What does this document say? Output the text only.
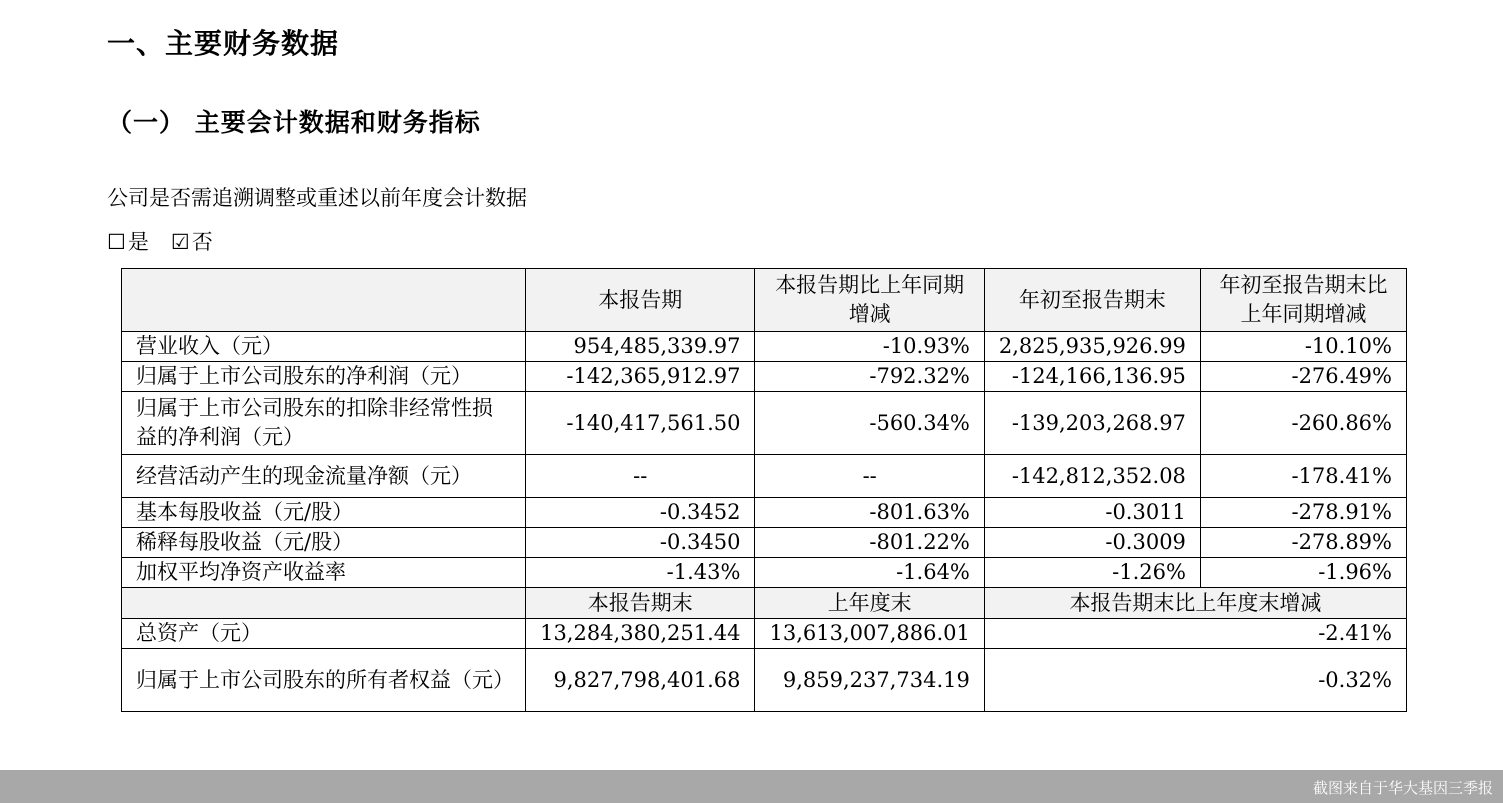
一、主要财务数据
（一） 主要会计数据和财务指标
公司是否需追溯调整或重述以前年度会计数据
☐是 ☑否
	本报告期	本报告期比上年同期增减	年初至报告期末	年初至报告期末比上年同期增减
营业收入（元）	954,485,339.97	-10.93%	2,825,935,926.99	-10.10%
归属于上市公司股东的净利润（元）	-142,365,912.97	-792.32%	-124,166,136.95	-276.49%
归属于上市公司股东的扣除非经常性损益的净利润（元）	-140,417,561.50	-560.34%	-139,203,268.97	-260.86%
经营活动产生的现金流量净额（元）	--	--	-142,812,352.08	-178.41%
基本每股收益（元/股）	-0.3452	-801.63%	-0.3011	-278.91%
稀释每股收益（元/股）	-0.3450	-801.22%	-0.3009	-278.89%
加权平均净资产收益率	-1.43%	-1.64%	-1.26%	-1.96%
	本报告期末	上年度末	本报告期末比上年度末增减	
总资产（元）	13,284,380,251.44	13,613,007,886.01	-2.41%	
归属于上市公司股东的所有者权益（元）	9,827,798,401.68	9,859,237,734.19	-0.32%	
截图来自于华大基因三季报
